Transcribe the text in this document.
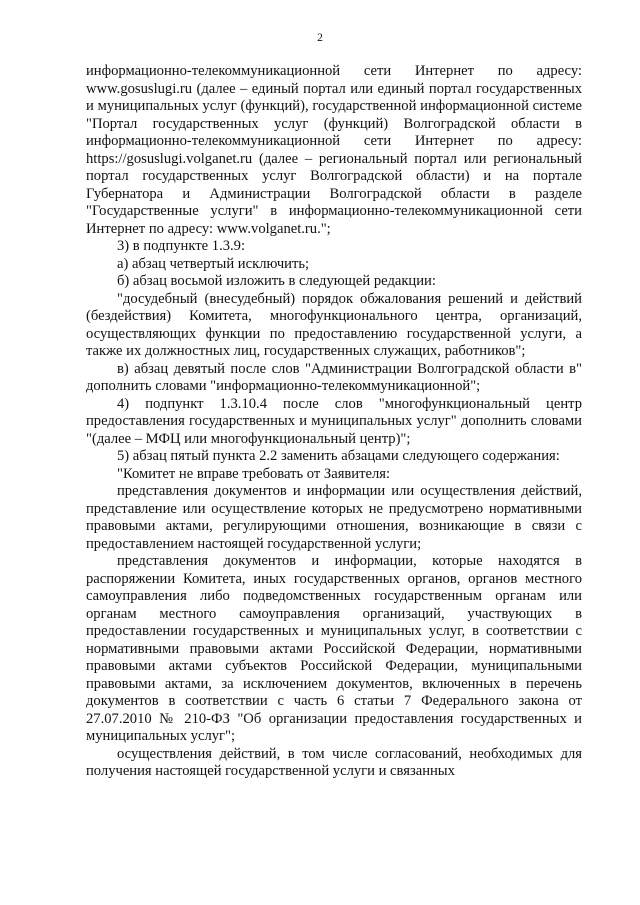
2

информационно-телекоммуникационной сети Интернет по адресу: www.gosuslugi.ru (далее – единый портал или единый портал государственных и муниципальных услуг (функций), государственной информационной системе "Портал государственных услуг (функций) Волгоградской области в информационно-телекоммуникационной сети Интернет по адресу: https://gosuslugi.volganet.ru (далее – региональный портал или региональный портал государственных услуг Волгоградской области) и на портале Губернатора и Администрации Волгоградской области в разделе "Государственные услуги" в информационно-телекоммуникационной сети Интернет по адресу: www.volganet.ru.";

3) в подпункте 1.3.9:

а) абзац четвертый исключить;

б) абзац восьмой изложить в следующей редакции:

"досудебный (внесудебный) порядок обжалования решений и действий (бездействия) Комитета, многофункционального центра, организаций, осуществляющих функции по предоставлению государственной услуги, а также их должностных лиц, государственных служащих, работников";

в) абзац девятый после слов "Администрации Волгоградской области в" дополнить словами "информационно-телекоммуникационной";

4) подпункт 1.3.10.4 после слов "многофункциональный центр предоставления государственных и муниципальных услуг" дополнить словами "(далее – МФЦ или многофункциональный центр)";

5) абзац пятый пункта 2.2 заменить абзацами следующего содержания:

"Комитет не вправе требовать от Заявителя:

представления документов и информации или осуществления действий, представление или осуществление которых не предусмотрено нормативными правовыми актами, регулирующими отношения, возникающие в связи с предоставлением настоящей государственной услуги;

представления документов и информации, которые находятся в распоряжении Комитета, иных государственных органов, органов местного самоуправления либо подведомственных государственным органам или органам местного самоуправления организаций, участвующих в предоставлении государственных и муниципальных услуг, в соответствии с нормативными правовыми актами Российской Федерации, нормативными правовыми актами субъектов Российской Федерации, муниципальными правовыми актами, за исключением документов, включенных в перечень документов в соответствии с часть 6 статьи 7 Федерального закона от 27.07.2010 № 210-ФЗ "Об организации предоставления государственных и муниципальных услуг";

осуществления действий, в том числе согласований, необходимых для получения настоящей государственной услуги и связанных
